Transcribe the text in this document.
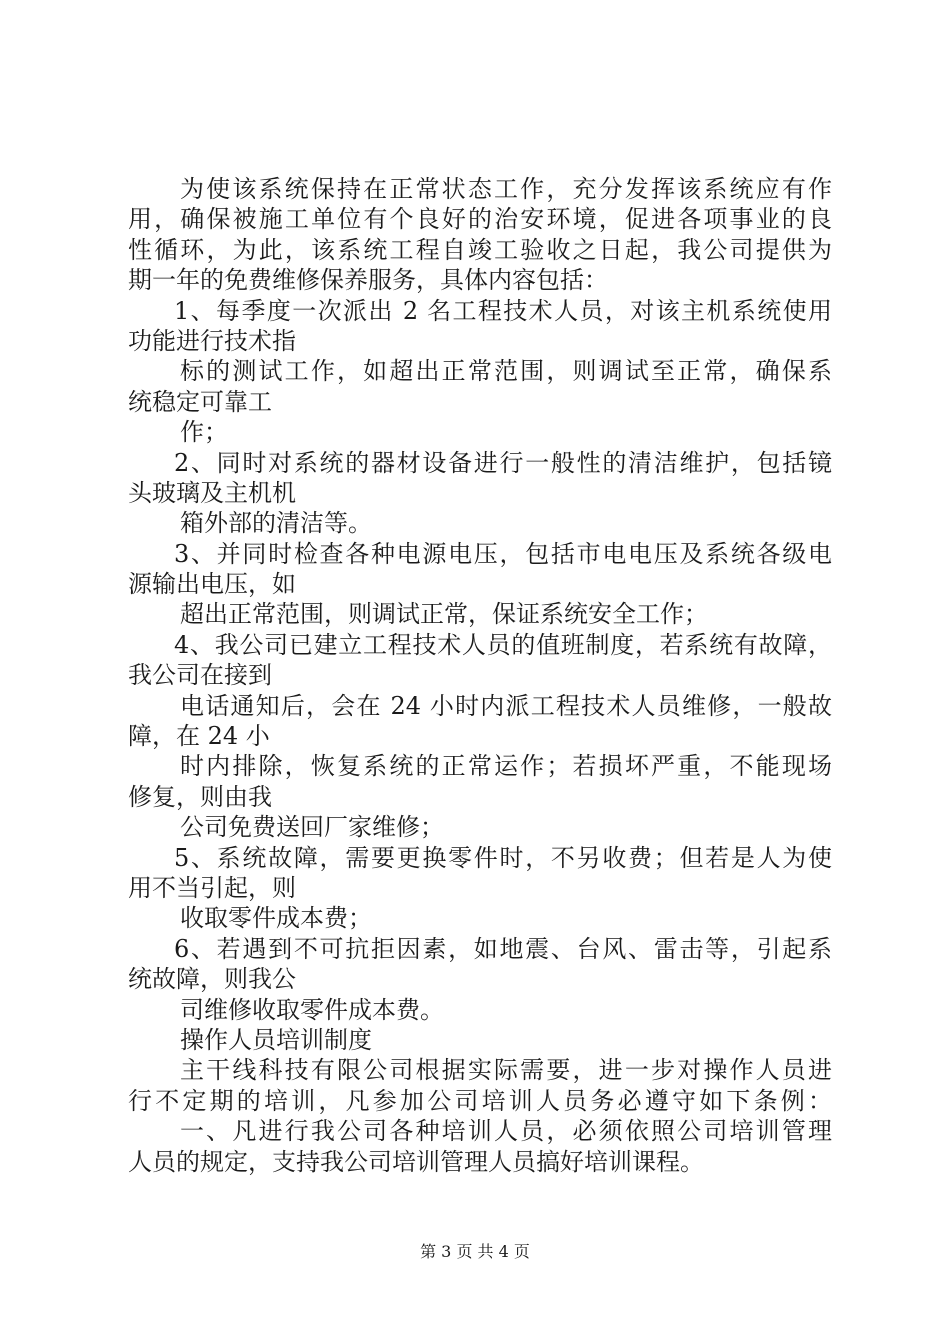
为使该系统保持在正常状态工作，充分发挥该系统应有作
用，确保被施工单位有个良好的治安环境，促进各项事业的良
性循环，为此，该系统工程自竣工验收之日起，我公司提供为
期一年的免费维修保养服务，具体内容包括：
1、每季度一次派出 2 名工程技术人员，对该主机系统使用
功能进行技术指
标的测试工作，如超出正常范围，则调试至正常，确保系
统稳定可靠工
作；
2、同时对系统的器材设备进行一般性的清洁维护，包括镜
头玻璃及主机机
箱外部的清洁等。
3、并同时检查各种电源电压，包括市电电压及系统各级电
源输出电压，如
超出正常范围，则调试正常，保证系统安全工作；
4、我公司已建立工程技术人员的值班制度，若系统有故障，
我公司在接到
电话通知后，会在 24 小时内派工程技术人员维修，一般故
障，在 24 小
时内排除，恢复系统的正常运作；若损坏严重，不能现场
修复，则由我
公司免费送回厂家维修；
5、系统故障，需要更换零件时，不另收费；但若是人为使
用不当引起，则
收取零件成本费；
6、若遇到不可抗拒因素，如地震、台风、雷击等，引起系
统故障，则我公
司维修收取零件成本费。
操作人员培训制度
主干线科技有限公司根据实际需要，进一步对操作人员进
行不定期的培训，凡参加公司培训人员务必遵守如下条例：
一、凡进行我公司各种培训人员，必须依照公司培训管理
人员的规定，支持我公司培训管理人员搞好培训课程。
第 3 页 共 4 页
